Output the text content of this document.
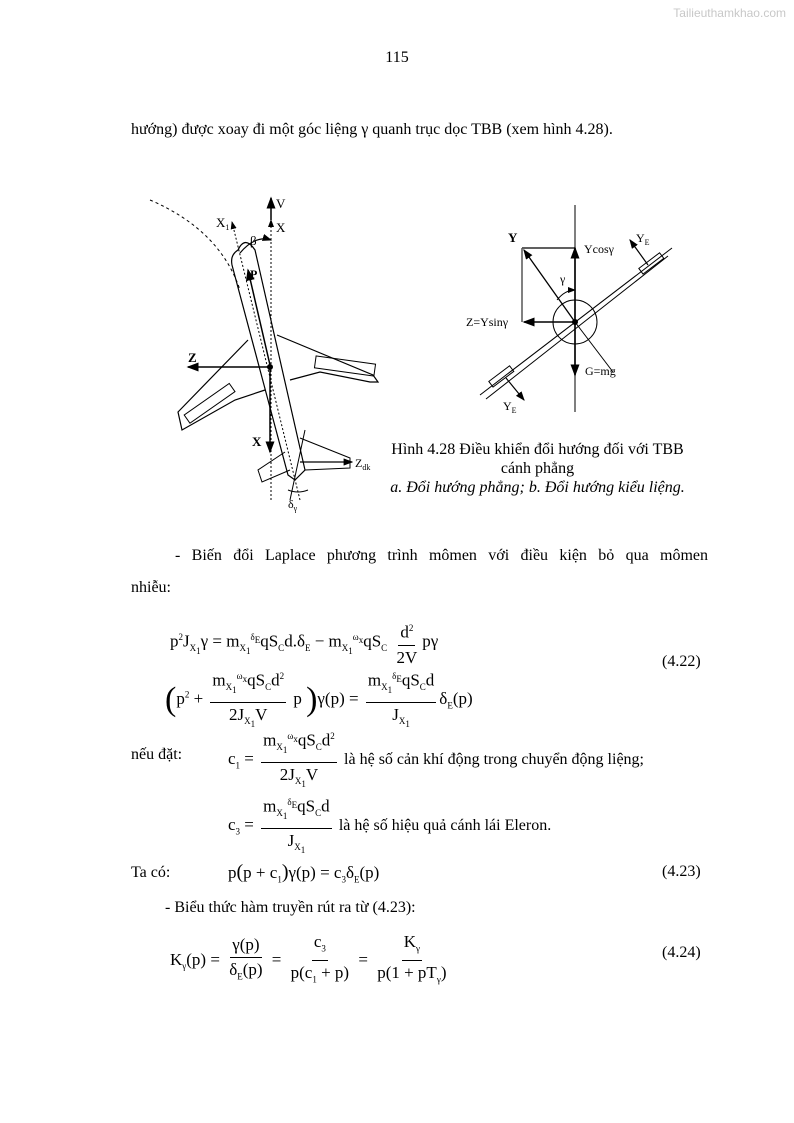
Tailieuthamkhao.com
115
hướng) được xoay đi một góc liệng γ quanh trục dọc TBB (xem hình 4.28).
$X_1$
V
X
β
P
Z
X
$Z_{dk}$
$\delta_\gamma$
Y
Ycosγ
$Y_E$
γ
Z=Ysinγ
G=mg
$Y_E$
Hình 4.28 Điều khiển đổi hướng đối với TBB
cánh phẳng
a. Đổi hướng phẳng; b. Đổi hướng kiểu liệng.
- Biến đổi Laplace phương trình mômen với điều kiện bỏ qua mômen
nhiễu:
$p^2J_{X_1}\gamma = m_{X_1}^{\delta_E}qS_Cd.\delta_E - m_{X_1}^{\omega_x}qS_C \frac{d^2}{2V}$ pγ
($p^2 + \frac{m_{X_1}^{\omega_x}qS_Cd^2}{2J_{X_1}V}$ p )$\gamma(p) = \frac{m_{X_1}^{\delta_E}qS_Cd}{J_{X_1}} \delta_E(p)$
(4.22)
nếu đặt:	$c_1 = \frac{m_{X_1}^{\omega_x}qS_Cd^2}{2J_{X_1}V}$ là hệ số cản khí động trong chuyển động liệng;
$c_3 = \frac{m_{X_1}^{\delta_E}qS_Cd}{J_{X_1}}$ là hệ số hiệu quả cánh lái Eleron.
Ta có:	$p(p + c_1)\gamma(p) = c_3\delta_E(p)$	(4.23)
- Biểu thức hàm truyền rút ra từ (4.23):
$K_\gamma(p) = \frac{\gamma(p)}{\delta_E(p)} = \frac{c_3}{p(c_1 + p)} = \frac{K_\gamma}{p(1 + pT_\gamma)}$	(4.24)
